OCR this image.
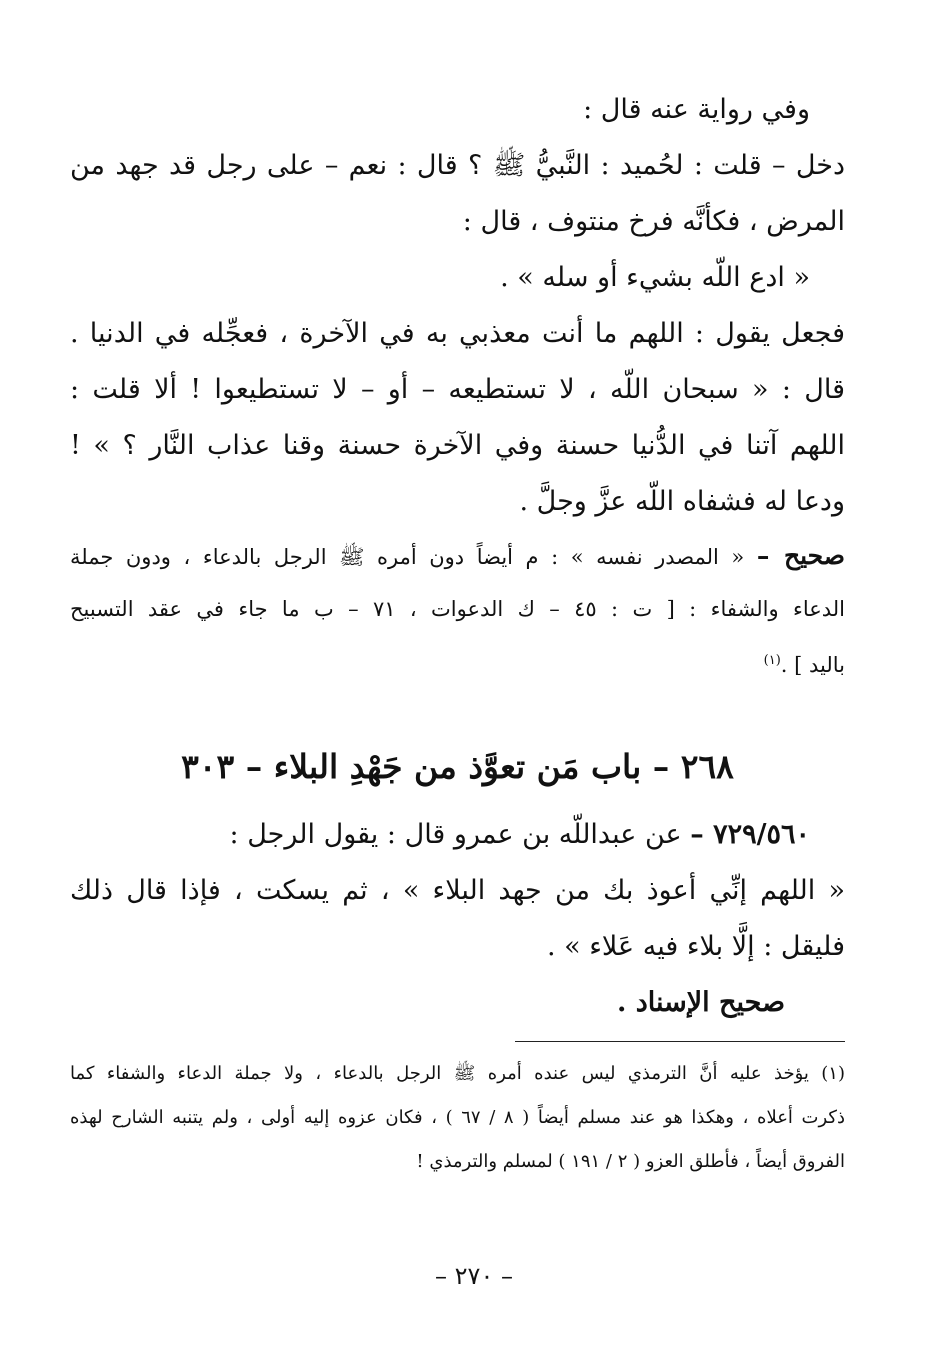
وفي رواية عنه قال :
دخل – قلت : لحُميد : النَّبيُّ ﷺ ؟ قال : نعم – على رجل قد جهد من
المرض ، فكأنَّه فرخ منتوف ، قال :
« ادع اللّه بشيء أو سله » .
فجعل يقول : اللهم ما أنت معذبي به في الآخرة ، فعجِّله في الدنيا .
قال : « سبحان اللّه ، لا تستطيعه – أو – لا تستطيعوا ! ألا قلت :
اللهم آتنا في الدُّنيا حسنة وفي الآخرة حسنة وقنا عذاب النَّار ؟ » !
ودعا له فشفاه اللّه عزَّ وجلَّ .
صحيح – « المصدر نفسه » : م أيضاً دون أمره ﷺ الرجل بالدعاء ، ودون جملة
الدعاء والشفاء : [ ت : ٤٥ – ك الدعوات ، ٧١ – ب ما جاء في عقد التسبيح
باليد ] .$^{(١)}$
٢٦٨ – باب مَن تعوَّذ من جَهْدِ البلاء – ٣٠٣
٧٢٩/٥٦٠ – عن عبداللّه بن عمرو قال : يقول الرجل :
« اللهم إنِّي أعوذ بك من جهد البلاء » ، ثم يسكت ، فإذا قال ذلك
فليقل : إلَّا بلاء فيه عَلاء » .
صحيح الإسناد .
(١) يؤخذ عليه أنَّ الترمذي ليس عنده أمره ﷺ الرجل بالدعاء ، ولا جملة الدعاء والشفاء كما
ذكرت أعلاه ، وهكذا هو عند مسلم أيضاً ( ٨ / ٦٧ ) ، فكان عزوه إليه أولى ، ولم يتنبه الشارح لهذه
الفروق أيضاً ، فأطلق العزو ( ٢ / ١٩١ ) لمسلم والترمذي !
– ٢٧٠ –
